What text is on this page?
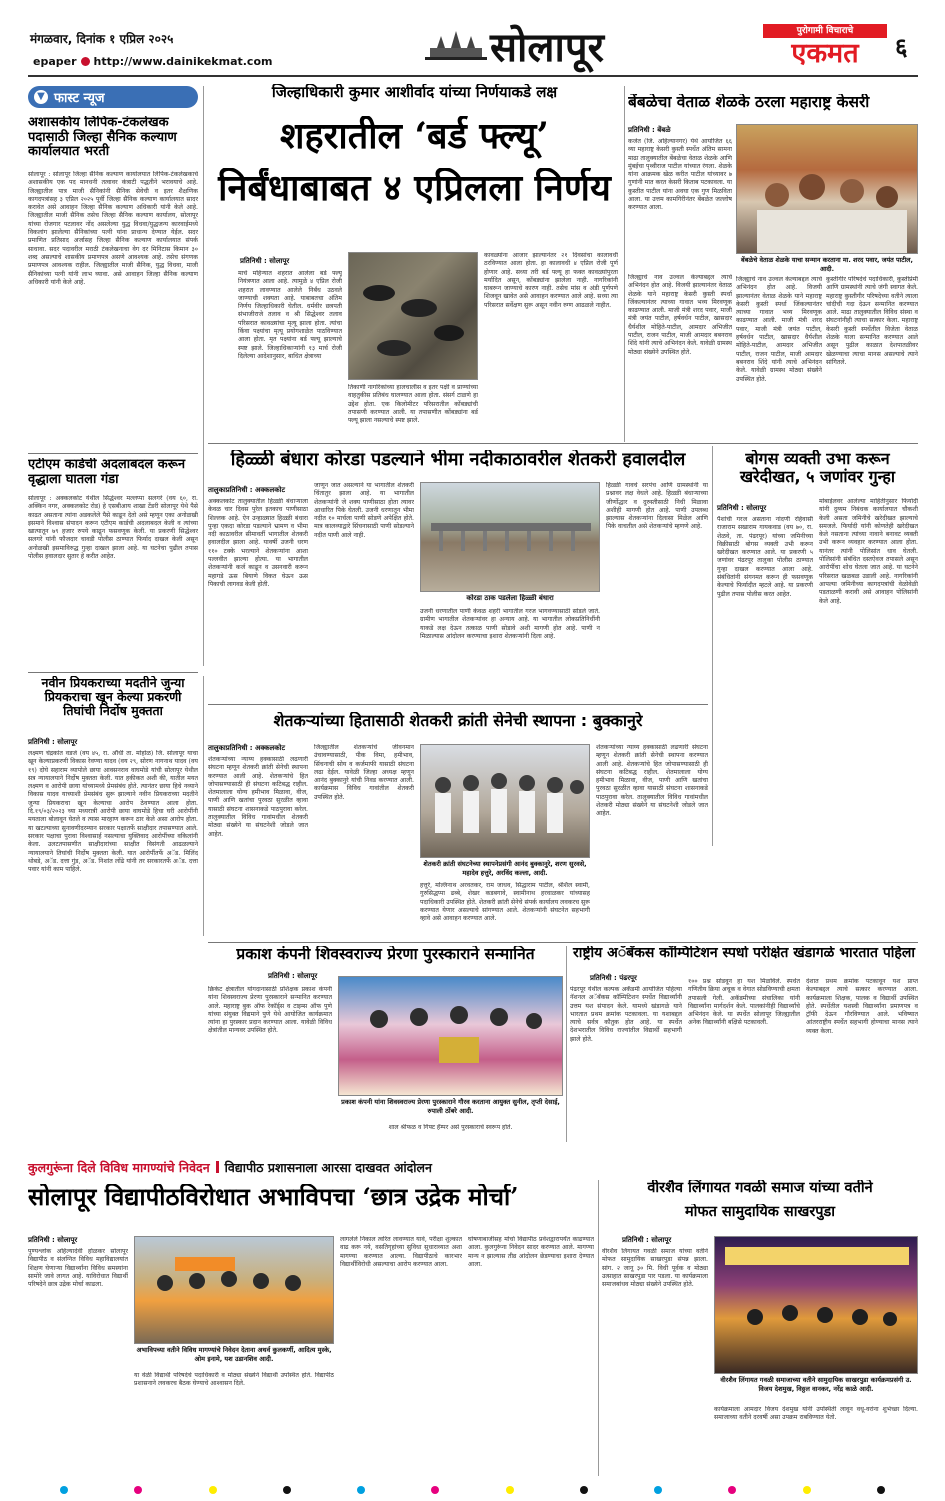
मंगळवार, दिनांक १ एप्रिल २०२५
epaper http://www.dainikekmat.com	सोलापूर	पुरोगामी विचाराचे
एकमत	६
▼ फास्ट न्यूज
अशासकीय लिपिक-टंकलेखक पदासाठी जिल्हा सैनिक कल्याण कार्यालयात भरती
सोलापूर : सोलापूर जिल्हा सैनिक कल्याण कार्यालयात लिपिक-टंकलेखकाचे अशासकीय एक पद मानधनी तत्वावर कंत्राटी पद्धतीने भरावयाचे आहे. जिल्ह्यातील पात्र माजी सैनिकांनी सैनिक सेवेची व इतर शैक्षणिक कागदपत्रांसह ३ एप्रिल २०२५ पूर्वी जिल्हा सैनिक कल्याण कार्यालयात सादर करावेत असे आवाहन जिल्हा सैनिक कल्याण अधिकारी यांनी केले आहे. जिल्ह्यातील माजी सैनिक तसेच जिल्हा सैनिक कल्याण कार्यालय, सोलापूर यांच्या रोजगार पटलावर नोंद असलेल्या युद्ध विधवा/युद्धजन्य कारवाईमध्ये विकलांग झालेल्या सैनिकांच्या पत्नी यांना प्राधान्य देण्यात येईल. सदर प्रमाणित प्रतिसाद अर्जासह जिल्हा सैनिक कल्याण कार्यालयात संपर्क साधावा. सदर पदावरील मराठी टंकलेखनाचा वेग दर मिनिटास किमान ३० शब्द असल्याचे शासकीय प्रमाणपत्र असणे आवश्यक आहे. तसेच संगणक प्रमाणपत्र आवश्यक राहील. जिल्ह्यातील माजी सैनिक, युद्ध विधवा, माजी सैनिकांच्या पत्नी यांनी लाभ घ्यावा. असे आवाहन जिल्हा सैनिक कल्याण अधिकारी यांनी केले आहे.
एटीएम कार्डची अदलाबदल करून वृद्धाला घातला गंडा
सोलापूर : अक्कलकोट येथील सिद्धेश्वर मल्लप्पा सलगरे (वय ६०, रा. अक्किन नगर, अक्कलकोट रोड) हे एसबीआय शाखा टेंडरी सोलापूर येथे पैसे काढत असताना त्यांना अडकलेले पैसे काढून देतो असे म्हणून एका अनोळखी इसमाने विश्वास संपादन करून एटीएम कार्डची अदलाबदल केली व त्यांच्या खात्यातून ७९ हजार रुपये काढून फसवणूक केली. या प्रकरणी सिद्धेश्वर सलगरे यांनी फौजदार चावडी पोलीस ठाण्यात फिर्याद दाखल केली असून अनोळखी इसमाविरुद्ध गुन्हा दाखल झाला आहे. या घटनेचा पुढील तपास पोलीस हवालदार सुतार हे करीत आहेत.
जिल्हाधिकारी कुमार आशीर्वाद यांच्या निर्णयाकडे लक्ष
शहरातील ‘बर्ड फ्ल्यू’
निर्बंधाबाबत ४ एप्रिलला निर्णय
प्रतिनिधी : सोलापूर
मार्च महिन्यात शहरात आलेला बर्ड फ्ल्यू नियंत्रणात आला आहे. त्यामुळे ४ एप्रिल रोजी शहरात लावण्यात आलेले निर्बंध उठवले जाण्याची शक्यता आहे. याबाबतचा अंतिम निर्णय जिल्हाधिकारी घेतील. धर्मवीर छत्रपती संभाजीराजे तलाव व श्री सिद्धेश्वर तलाव परिसरात कावळ्यांचा मृत्यू झाला होता. त्यांचा किंवा पक्ष्यांचा मृत्यू प्रयोगशाळेत पाठविण्यात आला होता. मृत पक्ष्यांना बर्ड फ्ल्यू झाल्याचे स्पष्ट झाले. जिल्हाधिकाऱ्यांनी १३ मार्च रोजी दिलेल्या आदेशानुसार, बाधित क्षेत्राच्या
तिकाणी नागरिकांच्या हालचालीस व इतर पक्षी व प्राण्यांच्या वाहतुकीस प्रतिबंध घालण्यात आला होता. संसर्ग टाळणे हा उद्देश होता. एक किलोमीटर परिसरातील कोंबड्यांची तपासणी करण्यात आली. या तपासणीत कोंबड्यांना बर्ड फ्ल्यू झाला नसल्याचे स्पष्ट झाले.
कावळ्यांना आजार झाल्यानंतर २१ दिवसांचा कालावधी ठरविण्यात आला होता. हा कालावधी ४ एप्रिल रोजी पूर्ण होणार आहे. सध्या तरी बर्ड फ्ल्यू हा फक्त कावळ्यांपुरता मर्यादित असून, कोंबड्यांना झालेला नाही. नागरिकांनी घाबरून जाण्याचे कारण नाही. तसेच मांस व अंडी पूर्णपणे शिजवून खावेत असे आवाहन करण्यात आले आहे. सध्या त्या परिसरात सर्वेक्षण सुरू असून नवीन रुग्ण आढळले नाहीत.
बेंबळेचा वेताळ शेळके ठरला महाराष्ट्र केसरी
प्रतिनिधी : बेंबळे
कर्जत (जि. अहिल्यानगर) येथे आयोजित ६६ व्या महाराष्ट्र केसरी कुस्ती स्पर्धेत अंतिम सामना माढा तालुक्यातील बेंबळेचा वेताळ शेळके आणि मुंबईचा पृथ्वीराज पाटील यांच्यात रंगला. शेळके यांना आक्रमक खेळ करीत पाटील यांच्यावर ७ गुणांनी मात करत केसरी किताब पटकावला. या कुस्तीत पाटील यांना अवघा एक गुण मिळविता आला. या उत्तम कामगिरीनंतर बेंबळेत जल्लोष करण्यात आला.
बेंबळेचे वेताळ शेळके याचा सन्मान करताना मा. शरद पवार, जयंत पाटील, आदी.
जिल्ह्याचे नाव उज्वल केल्याबद्दल त्याचे अभिनंदन होत आहे. विजयी झाल्यानंतर वेताळ शेळके याने महाराष्ट्र केसरी कुस्ती स्पर्धा जिंकल्यानंतर त्याच्या गावात भव्य मिरवणूक काढण्यात आली. माजी मंत्री शरद पवार, माजी मंत्री जयंत पाटील, हर्षवर्धन पाटील, खासदार धैर्यशील मोहिते-पाटील, आमदार अभिजीत पाटील, राजन पाटील, माजी आमदार बबनराव शिंदे यांनी त्याचे अभिनंदन केले. यावेळी ग्रामस्थ मोठ्या संख्येने उपस्थित होते.
जिल्ह्याचे नाव उज्वल केल्याबद्दल त्याचे अभिनंदन होत आहे. विजयी झाल्यानंतर वेताळ शेळके याने महाराष्ट्र केसरी कुस्ती स्पर्धा जिंकल्यानंतर त्याच्या गावात भव्य मिरवणूक काढण्यात आली. माजी मंत्री शरद पवार, माजी मंत्री जयंत पाटील, हर्षवर्धन पाटील, खासदार धैर्यशील मोहिते-पाटील, आमदार अभिजीत पाटील, राजन पाटील, माजी आमदार बबनराव शिंदे यांनी त्याचे अभिनंदन केले. यावेळी ग्रामस्थ मोठ्या संख्येने उपस्थित होते.
कुस्तीगीर परिषदेचे पदाधिकारी, कुस्तीप्रेमी आणि ग्रामस्थांनी त्याचे जंगी स्वागत केले. महाराष्ट्र कुस्तीगीर परिषदेच्या वतीने त्याला चांदीची गदा देऊन सन्मानित करण्यात आले. माढा तालुक्यातील विविध संस्था व संघटनांनीही त्याचा सत्कार केला. महाराष्ट्र केसरी कुस्ती स्पर्धेतील विजेता वेताळ शेळके याला सन्मानित करण्यात आले असून पुढील काळात देशपातळीवर खेळण्याचा त्याचा मानस असल्याचे त्याने सांगितले.
हिळ्ळी बंधारा कोरडा पडल्याने भीमा नदीकाठावरील शेतकरी हवालदील
तालुकाप्रतिनिधी : अक्कलकोट
अक्कलकोट तालुक्यातील हिळ्ळी बंधाऱ्याला केवळ चार दिवस पुरेल इतकाच पाणीसाठा शिल्लक आहे. ऐन उन्हाळ्यात हिळ्ळी बंधारा पुन्हा एकदा कोरडा पडल्याने भ्रामण व भीमा नदी काठावरील सीमावर्ती भागातील शेतकरी हवालदील झाला आहे. यावर्षी उजनी धरण ११० टक्के भरल्याने शेतकऱ्यांना आशा पल्लवीत झाल्या होत्या. या भागातील शेतकऱ्यांनी कर्ज काढून व उसनवारी करून महागडे ऊस बियाणे विकत घेऊन ऊस पिकाची लागवड केली होती.
जाणून जात असल्याने या भागातील शेतकरी चिंतातुर झाला आहे. या भागातील शेतकऱ्यांनी जे शक्य पाणीसाठा होता त्यावर आधारित पिके घेतली. उजनी धरणातून भीमा नदीत १० मार्चला पाणी सोडणे अपेक्षित होते. मात्र कालव्याद्वारे सिंचनासाठी पाणी सोडल्याने नदीत पाणी आले नाही.
कोरडा ठाक पडलेला हिळ्ळी बंधारा
उजनी धरणातील पाणी केवळ शहरी भागातील गरज भागवण्यासाठी सोडले जाते. ग्रामीण भागातील शेतकऱ्यांवर हा अन्याय आहे. या भागातील लोकप्रतिनिधींनी याकडे लक्ष देऊन तत्काळ पाणी सोडावे अशी मागणी होत आहे. पाणी न मिळाल्यास आंदोलन करण्याचा इशारा शेतकऱ्यांनी दिला आहे.
हिळ्ळी गावचे सरपंच आणि ग्रामस्थांनी या प्रश्नावर लक्ष वेधले आहे. हिळ्ळी बंधाऱ्याच्या जीर्णोद्धार व दुरुस्तीसाठी निधी मिळावा अशीही मागणी होत आहे. पाणी उपलब्ध झाल्यास शेतकऱ्यांना दिलासा मिळेल आणि पिके वाचतील असे शेतकऱ्यांचे म्हणणे आहे.
बोगस व्यक्ती उभा करून खरेदीखत, ५ जणांवर गुन्हा
प्रतिनिधी : सोलापूर
पैशांची गरज असताना नांदणी रहिवासी राजाराम सखाराम गायकवाड (वय ७०, रा. शेळवे, ता. पंढरपूर) यांच्या जमिनीच्या विक्रीसाठी बोगस व्यक्ती उभी करून खरेदीखत करण्यात आले. या प्रकरणी ५ जणांवर पंढरपूर तालुका पोलीस ठाण्यात गुन्हा दाखल करण्यात आला आहे. संबंधितांनी संगनमत करून ही फसवणूक केल्याचे फिर्यादीत म्हटले आहे. या प्रकरणी पुढील तपास पोलीस करत आहेत.
मोबाईलवर आलेल्या माहितीनुसार फिर्यादी यांनी दुय्यम निबंधक कार्यालयात चौकशी केली असता जमिनीचे खरेदीखत झाल्याचे समजले. फिर्यादी यांनी कोणतेही खरेदीखत केले नसताना त्यांच्या नावाने बनावट व्यक्ती उभी करून व्यवहार करण्यात आला होता. यानंतर त्यांनी पोलिसांत धाव घेतली. पोलिसांनी संबंधित दस्तऐवज तपासले असून आरोपींचा शोध घेतला जात आहे. या घटनेने परिसरात खळबळ उडाली आहे. नागरिकांनी आपल्या जमिनीच्या कागदपत्रांची वेळोवेळी पडताळणी करावी असे आवाहन पोलिसांनी केले आहे.
नवीन प्रियकराच्या मदतीने जुन्या प्रियकराचा खून केल्या प्रकरणी तिघांची निर्दोष मुक्तता
प्रतिनिधी : सोलापूर
लक्ष्मण चंद्रकांत वडजे (वय ४५, रा. औंधी ता. मोहोळ) जि. सोलापूर याचा खून केल्याप्रकरणी विकास रेवण्या यादव (वय २९, सोरण नागनाथ यादव (वय १९) दोघे सहाराम व्यापोले छाया आवसनराव वाघमोडे यांची सोलापूर येथील सत्र न्यायालयाने निर्दोष मुक्तता केली. यात हकीकत अशी की, यातील मयत लक्ष्मण व आरोपी छाया यांच्यामध्ये प्रेमसंबंध होते. त्यानंतर छाया हिचे नव्याने विकास यादव याच्याशी प्रेमसंबंध सुरू झाल्याने नवीन प्रियकराच्या मदतीने जुन्या प्रियकराचा खून केल्याचा आरोप ठेवण्यात आला होता. दि.१९/०३/२०२३ च्या मध्यरात्री आरोपी छाया वाघमोडे हिचा घरी आरोपींनी मयताला बोलावून घेतले व त्यास मारहाण करून ठार केले असा आरोप होता. या खटल्याच्या सुनावणीदरम्यान सरकार पक्षातर्फे साक्षीदार तपासण्यात आले. सरकार पक्षाचा पुरावा विश्वासार्ह नसल्याचा युक्तिवाद आरोपींच्या वकिलांनी केला. उलटतपासणीत साक्षीदारांच्या साक्षीत विसंगती आढळल्याने न्यायालयाने तिघांची निर्दोष मुक्तता केली. यात आरोपींतर्फे अॅड. मिलिंद थोबडे, अॅड. दत्ता गुंड, अॅड. निशांत लोंढे यांनी तर सरकारतर्फे अॅड. दत्ता पवार यांनी काम पाहिले.
शेतकऱ्यांच्या हितासाठी शेतकरी क्रांती सेनेची स्थापना : बुक्कानुरे
तालुकाप्रतिनिधी : अक्कलकोट
शेतकऱ्यांच्या न्याय्य हक्कासाठी लढणारी संघटना म्हणून शेतकरी क्रांती सेनेची स्थापना करण्यात आली आहे. शेतकऱ्यांचे हित जोपासण्यासाठी ही संघटना कटिबद्ध राहील. शेतमालाला योग्य हमीभाव मिळावा, वीज, पाणी आणि खतांचा पुरवठा सुरळीत व्हावा यासाठी संघटना शासनाकडे पाठपुरावा करेल. तालुक्यातील विविध गावांमधील शेतकरी मोठ्या संख्येने या संघटनेशी जोडले जात आहेत.
जिल्ह्यातील शेतकऱ्यांचे जीवनमान उंचावण्यासाठी, पीक विमा, हमीभाव, सिंचनाची सोय व कर्जमाफी यासाठी संघटना लढा देईल. यावेळी जिल्हा अध्यक्ष म्हणून आनंद बुक्कानुरे यांची निवड करण्यात आली. कार्यक्रमास विविध गावांतील शेतकरी उपस्थित होते.
शेतकरी क्रांती संघटनेच्या स्थापनेप्रसंगी आनंद बुक्कानुरे, शरण सुरवसे, महादेव हत्तुरे, अरविंद कल्ला, आदी.
हत्तुरे, मल्लिनाथ अरवतकर, राम जाधव, सिद्धाराम पाटील, श्रीशैल स्वामी, गुरुसिद्धप्पा ढब्बे, शेखर कडबगावे, स्वामीनाथ हरवाळकर यांच्यासह पदाधिकारी उपस्थित होते. शेतकरी क्रांती सेनेचे संपर्क कार्यालय लवकरच सुरू करण्यात येणार असल्याचे सांगण्यात आले. शेतकऱ्यांनी संघटनेत सहभागी व्हावे असे आवाहन करण्यात आले.
शेतकऱ्यांच्या न्याय्य हक्कासाठी लढणारी संघटना म्हणून शेतकरी क्रांती सेनेची स्थापना करण्यात आली आहे. शेतकऱ्यांचे हित जोपासण्यासाठी ही संघटना कटिबद्ध राहील. शेतमालाला योग्य हमीभाव मिळावा, वीज, पाणी आणि खतांचा पुरवठा सुरळीत व्हावा यासाठी संघटना शासनाकडे पाठपुरावा करेल. तालुक्यातील विविध गावांमधील शेतकरी मोठ्या संख्येने या संघटनेशी जोडले जात आहेत.
प्रकाश कंपनी शिवस्वराज्य प्रेरणा पुरस्काराने सन्मानित
प्रतिनिधी : सोलापूर
क्रिकेट क्षेत्रातील योगदानासाठी प्रशिक्षक प्रकाश कंपनी यांना शिवस्वराज्य प्रेरणा पुरस्काराने सन्मानित करण्यात आले. महाराष्ट्र बुक ऑफ रेकॉर्ड्स व टाइम्स ऑफ पुणे यांच्या संयुक्त विद्यमाने पुणे येथे आयोजित कार्यक्रमात त्यांना हा पुरस्कार प्रदान करण्यात आला. यावेळी विविध क्षेत्रांतील मान्यवर उपस्थित होते.
प्रकाश कंपनी यांना शिवस्वराज्य प्रेरणा पुरस्काराने गौरव करताना आयुक्त सुनील, तृप्ती देसाई, रुपाली ठोंबरे आदी.
शाल श्रीफळ व गिफ्ट हॅम्पर असे पुरस्काराचे स्वरूप होते.
राष्ट्रीय अॅबॅकस कॉम्पिटिशन स्पर्धा परीक्षेत खंडागळे भारतात पहिला
प्रतिनिधी : पंढरपूर
पंढरपूर येथील कल्पक अकॅडमी आयोजित पहिल्या नॅशनल अॅबॅकस कॉम्पिटिशन स्पर्धेत विद्यार्थ्यांनी उत्तम यश संपादन केले. यामध्ये खंडागळे याने भारतात प्रथम क्रमांक पटकावला. या यशाबद्दल त्याचे सर्वत्र कौतुक होत आहे. या स्पर्धेत देशभरातील विविध राज्यांतील विद्यार्थी सहभागी झाले होते.
१०० प्रश्न सोडवून हा यश मिळविले. स्पर्धेत गणितीय क्रिया अचूक व वेगात सोडविण्याची क्षमता तपासली गेली. अकॅडमीच्या संचालिका यांनी विद्यार्थ्यांना मार्गदर्शन केले. पालकांनीही विद्यार्थ्यांचे अभिनंदन केले. या स्पर्धेत सोलापूर जिल्ह्यातील अनेक विद्यार्थ्यांनी बक्षिसे पटकावली.
देशात प्रथम क्रमांक पटकावून यश प्राप्त केल्याबद्दल त्याचे सत्कार करण्यात आला. कार्यक्रमाला शिक्षक, पालक व विद्यार्थी उपस्थित होते. स्पर्धेतील यशस्वी विद्यार्थ्यांना प्रमाणपत्र व ट्रॉफी देऊन गौरविण्यात आले. भविष्यात आंतरराष्ट्रीय स्पर्धेत सहभागी होण्याचा मानस त्याने व्यक्त केला.
कुलगुरूंना दिले विविध मागण्यांचे निवेदन विद्यापीठ प्रशासनाला आरसा दाखवत आंदोलन
सोलापूर विद्यापीठविरोधात अभाविपचा ‘छात्र उद्रेक मोर्चा’
प्रतिनिधी : सोलापूर
पुण्यश्लोक अहिल्यादेवी होळकर सोलापूर विद्यापीठ व संलग्नित विविध महाविद्यालयांत शिक्षण घेणाऱ्या विद्यार्थ्यांना विविध समस्यांना सामोरे जावे लागत आहे. याविरोधात विद्यार्थी परिषदेने छात्र उद्रेक मोर्चा काढला.
अभाविपच्या वतीने विविध मागण्यांचे निवेदन देताना अथर्व कुलकर्णी, आदित्य मुस्के, ओम इनामे, यश उडानशिव आदी.
या वेळी विद्यार्थी परिषदेचे पदाधिकारी व मोठ्या संख्येने विद्यार्थी उपस्थित होते. विद्यापीठ प्रशासनाने लवकरच बैठक घेण्याचे आश्वासन दिले.
लागलेले निकाल त्वरित लावण्यात यावे, परीक्षा शुल्कात वाढ करू नये, वसतिगृहांच्या सुविधा सुधाराव्यात अशा मागण्या करण्यात आल्या. विद्यापीठाचे कारभार विद्यार्थीविरोधी असल्याचा आरोप करण्यात आला.
घोषणाबाजीसह मोर्चा विद्यापीठ प्रवेशद्वारापर्यंत काढण्यात आला. कुलगुरूंना निवेदन सादर करण्यात आले. मागण्या मान्य न झाल्यास तीव्र आंदोलन छेडण्याचा इशारा देण्यात आला.
वीरशैव लिंगायत गवळी समाज यांच्या वतीने
मोफत सामुदायिक साखरपुडा
प्रतिनिधी : सोलापूर
वीरशैव लिंगायत गवळी समाज यांच्या वतीने मोफत सामुदायिक साखरपुडा संपन्न झाला. सांग. २ जानू ३० मि. विधी पूर्वक व मोठ्या उत्साहात साखरपुडा पार पडला. या कार्यक्रमाला समाजबांधव मोठ्या संख्येने उपस्थित होते.
वीरशैव लिंगायत गवळी समाजाच्या वतीने सामुदायिक साखरपुडा कार्यक्रमप्रसंगी उ. विजय देशमुख, विठ्ठल वानकर, नरेंद्र काळे आदी.
कार्यक्रमाला आमदार विजय देशमुख यांनी उपस्थिती लावून वधू-वरांना शुभेच्छा दिल्या. समाजाच्या वतीने दरवर्षी असा उपक्रम राबविण्यात येतो.
